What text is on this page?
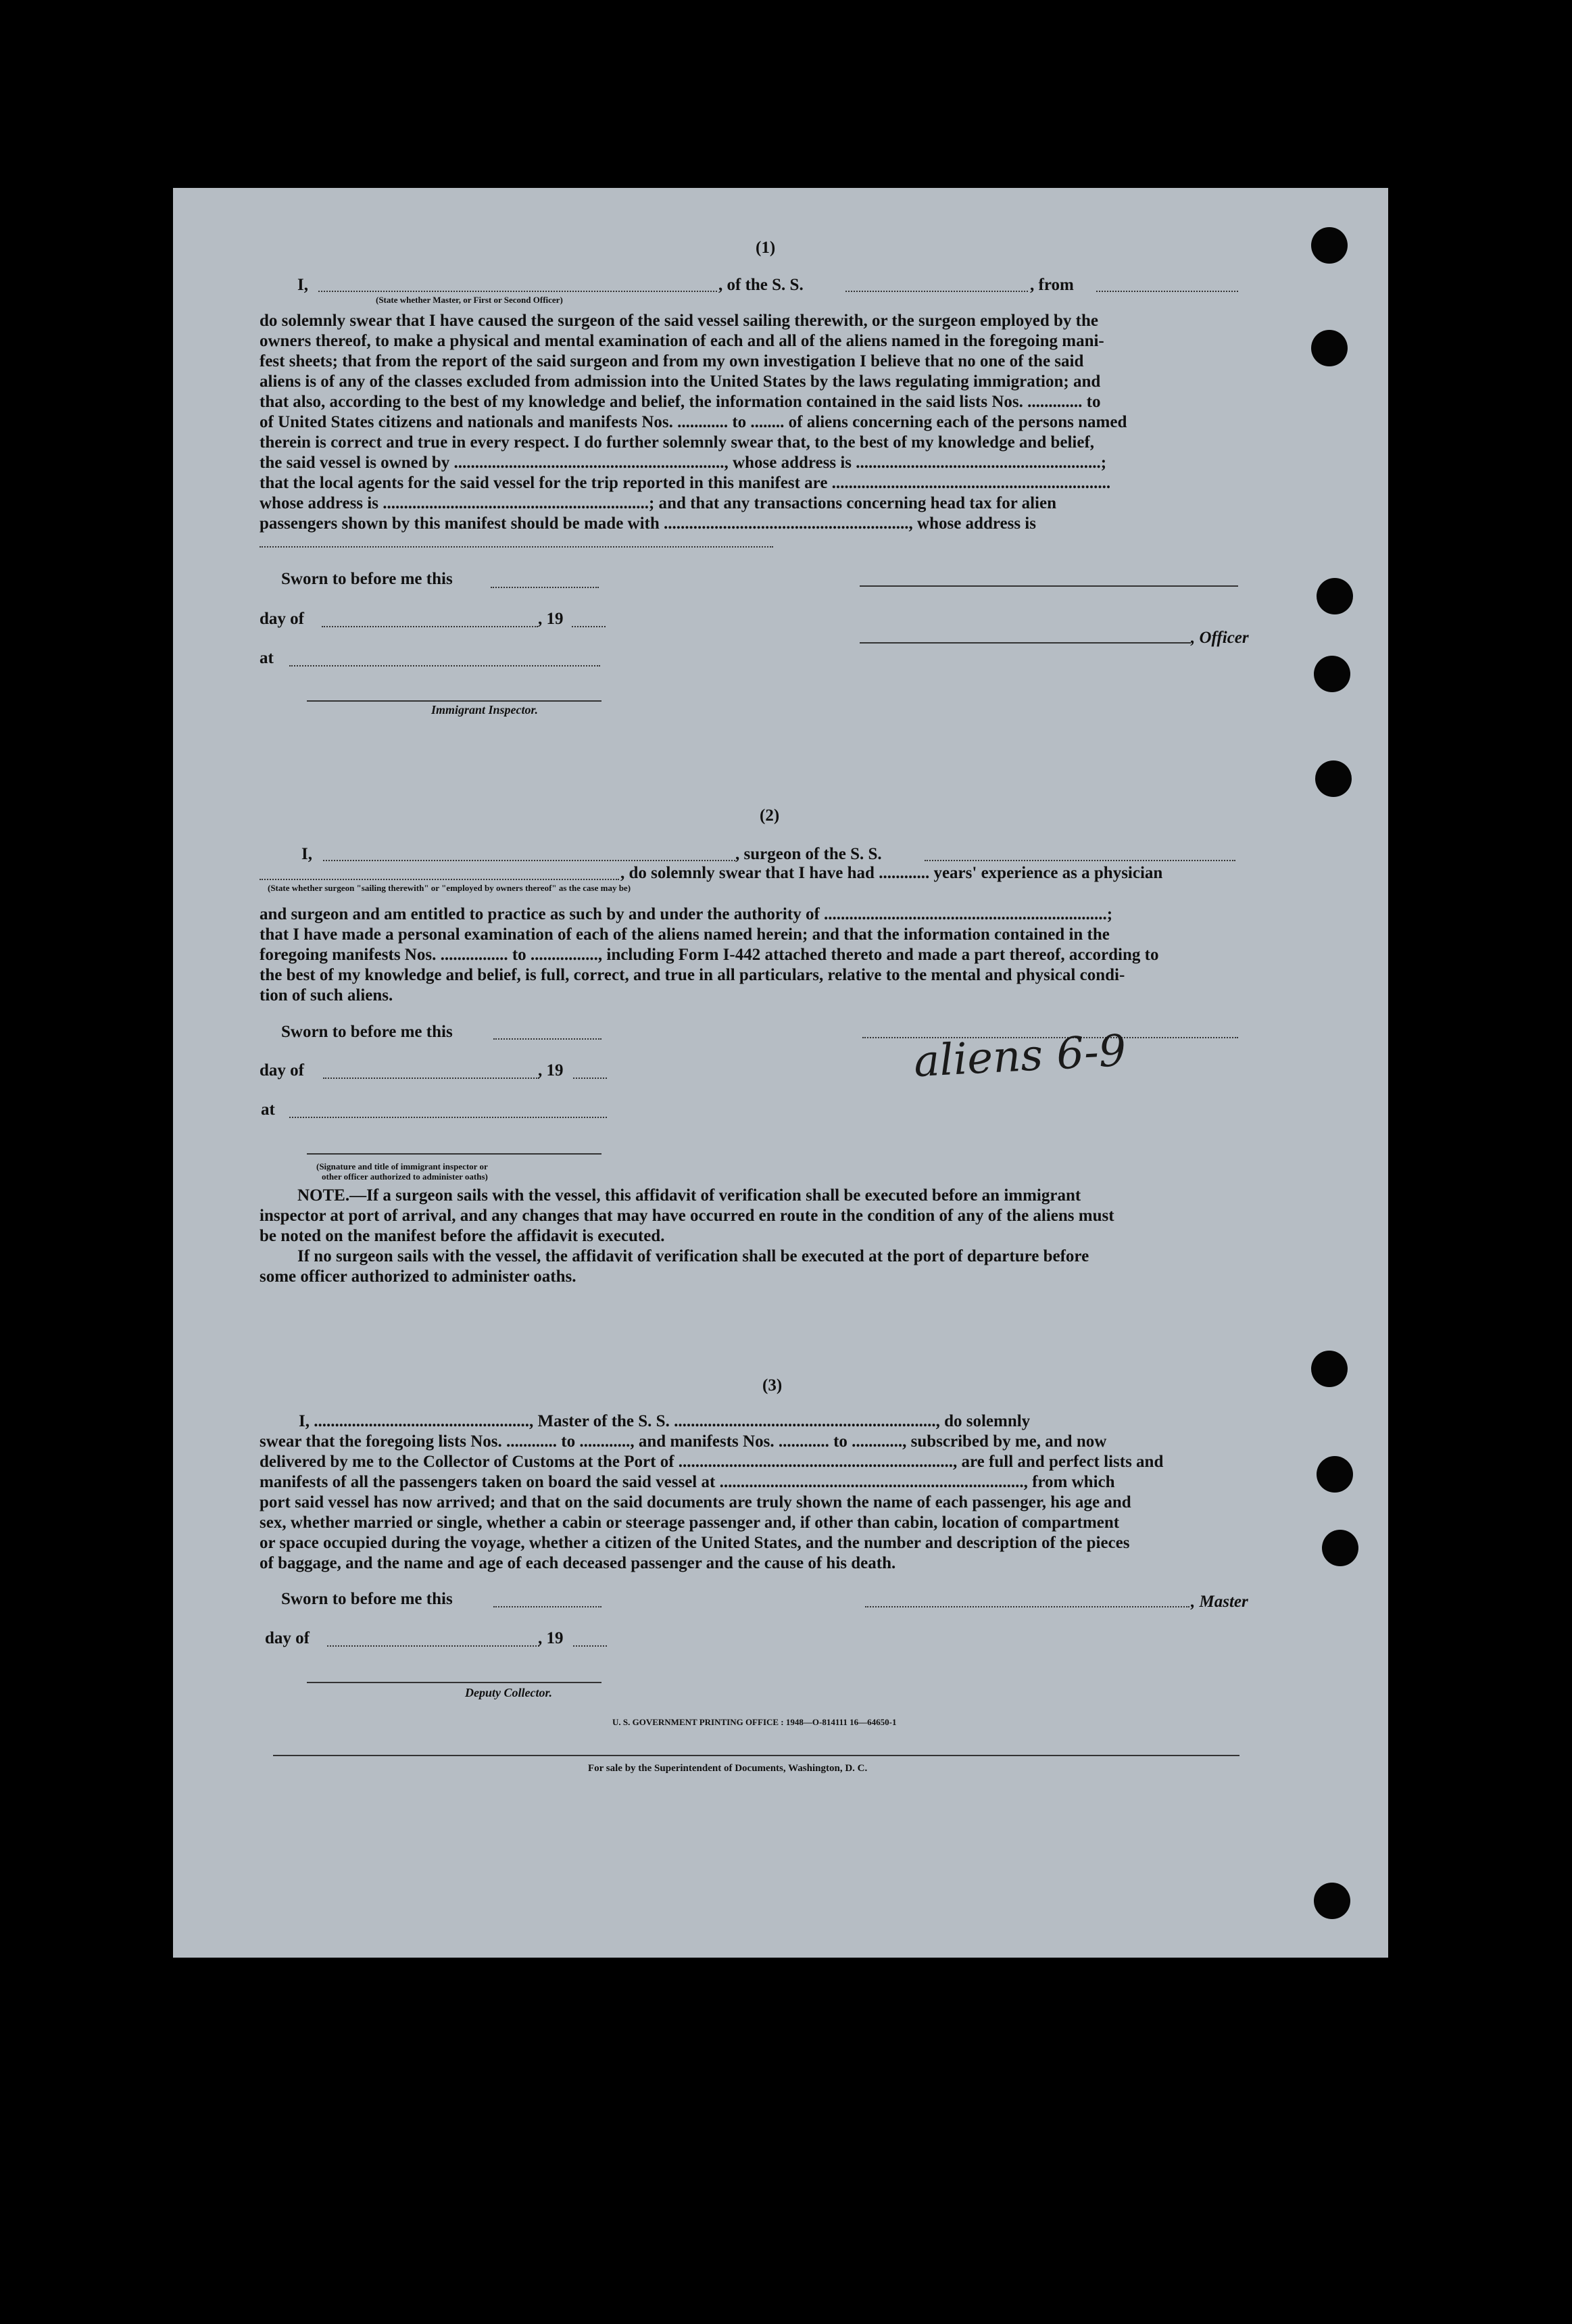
(1)
I,	, of the S. S.	, from
(State whether Master, or First or Second Officer)
do solemnly swear that I have caused the surgeon of the said vessel sailing therewith, or the surgeon employed by the
owners thereof, to make a physical and mental examination of each and all of the aliens named in the foregoing mani-
fest sheets; that from the report of the said surgeon and from my own investigation I believe that no one of the said
aliens is of any of the classes excluded from admission into the United States by the laws regulating immigration; and
that also, according to the best of my knowledge and belief, the information contained in the said lists Nos. ............. to
of United States citizens and nationals and manifests Nos. ............ to ........ of aliens concerning each of the persons named
therein is correct and true in every respect. I do further solemnly swear that, to the best of my knowledge and belief,
the said vessel is owned by ................................................................, whose address is ..........................................................;
that the local agents for the said vessel for the trip reported in this manifest are ..................................................................
whose address is ...............................................................; and that any transactions concerning head tax for alien
passengers shown by this manifest should be made with .........................................................., whose address is
Sworn to before me this
day of	, 19
, Officer
at
Immigrant Inspector.
(2)
I,	, surgeon of the S. S.
, do solemnly swear that I have had ............ years' experience as a physician
(State whether surgeon "sailing therewith" or "employed by owners thereof" as the case may be)
and surgeon and am entitled to practice as such by and under the authority of ...................................................................;
that I have made a personal examination of each of the aliens named herein; and that the information contained in the
foregoing manifests Nos. ................ to ................, including Form I-442 attached thereto and made a part thereof, according to
the best of my knowledge and belief, is full, correct, and true in all particulars, relative to the mental and physical condi-
tion of such aliens.
Sworn to before me this	aliens 6-9
day of	, 19
at
(Signature and title of immigrant inspector or
other officer authorized to administer oaths)
NOTE.—If a surgeon sails with the vessel, this affidavit of verification shall be executed before an immigrant
inspector at port of arrival, and any changes that may have occurred en route in the condition of any of the aliens must
be noted on the manifest before the affidavit is executed.
If no surgeon sails with the vessel, the affidavit of verification shall be executed at the port of departure before
some officer authorized to administer oaths.
(3)
I, ..................................................., Master of the S. S. .............................................................., do solemnly
swear that the foregoing lists Nos. ............ to ............, and manifests Nos. ............ to ............, subscribed by me, and now
delivered by me to the Collector of Customs at the Port of ................................................................., are full and perfect lists and
manifests of all the passengers taken on board the said vessel at ........................................................................, from which
port said vessel has now arrived; and that on the said documents are truly shown the name of each passenger, his age and
sex, whether married or single, whether a cabin or steerage passenger and, if other than cabin, location of compartment
or space occupied during the voyage, whether a citizen of the United States, and the number and description of the pieces
of baggage, and the name and age of each deceased passenger and the cause of his death.
Sworn to before me this	, Master
day of	, 19
Deputy Collector.
U. S. GOVERNMENT PRINTING OFFICE : 1948—O-814111 16—64650-1
For sale by the Superintendent of Documents, Washington, D. C.
